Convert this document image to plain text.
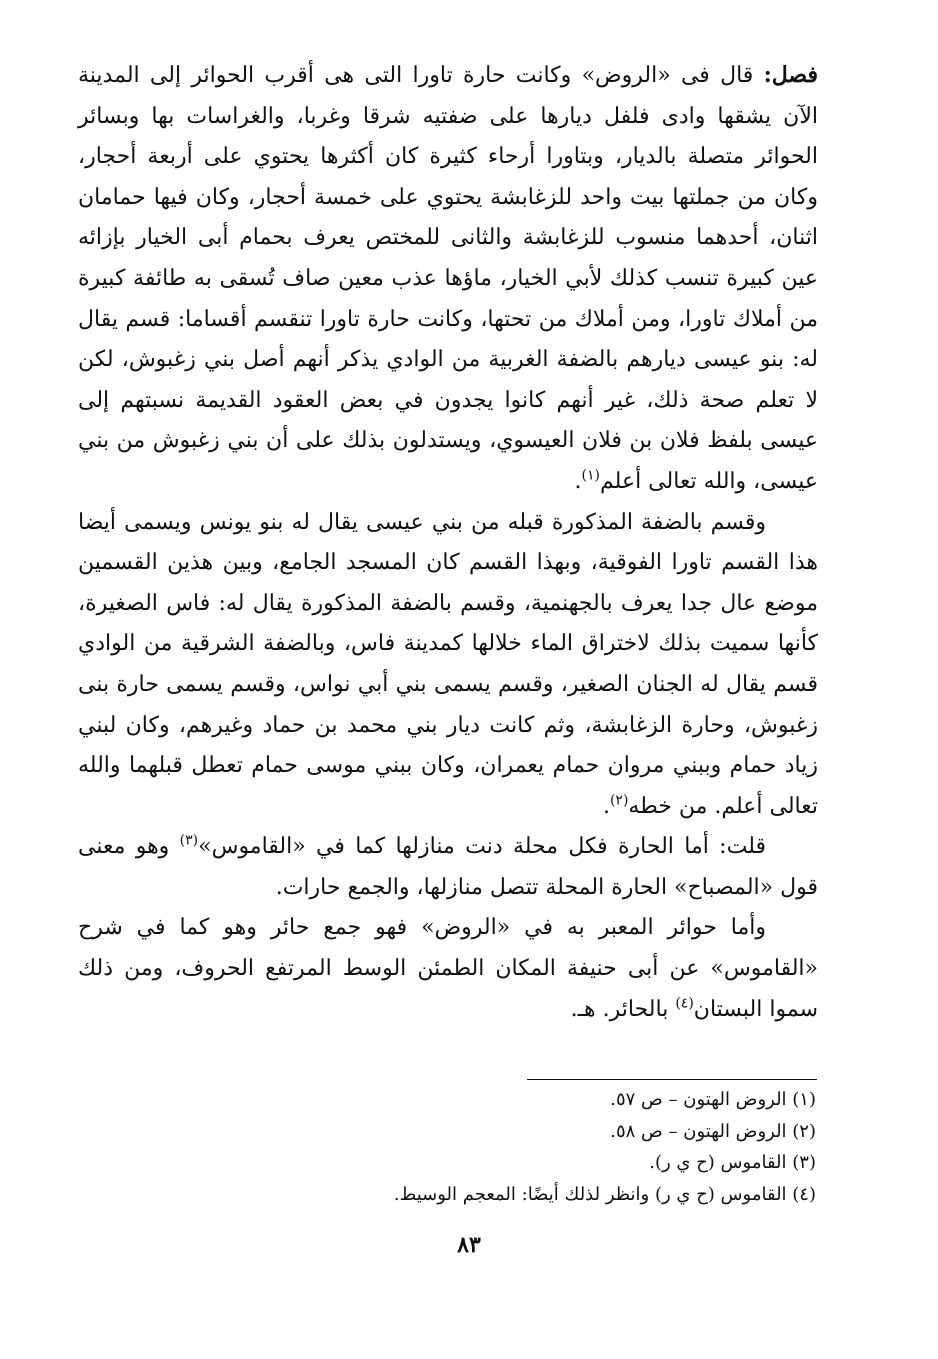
فصل: قال فى «الروض» وكانت حارة تاورا التى هى أقرب الحوائر إلى المدينة الآن يشقها وادى فلفل ديارها على ضفتيه شرقا وغربا، والغراسات بها وبسائر الحوائر متصلة بالديار، وبتاورا أرحاء كثيرة كان أكثرها يحتوي على أربعة أحجار، وكان من جملتها بيت واحد للزغابشة يحتوي على خمسة أحجار، وكان فيها حمامان اثنان، أحدهما منسوب للزغابشة والثانى للمختص يعرف بحمام أبى الخيار بإزائه عين كبيرة تنسب كذلك لأبي الخيار، ماؤها عذب معين صاف تُسقى به طائفة كبيرة من أملاك تاورا، ومن أملاك من تحتها، وكانت حارة تاورا تنقسم أقساما: قسم يقال له: بنو عيسى ديارهم بالضفة الغربية من الوادي يذكر أنهم أصل بني زغبوش، لكن لا تعلم صحة ذلك، غير أنهم كانوا يجدون في بعض العقود القديمة نسبتهم إلى عيسى بلفظ فلان بن فلان العيسوي، ويستدلون بذلك على أن بني زغبوش من بني عيسى، والله تعالى أعلم$^{(١)}$.

وقسم بالضفة المذكورة قبله من بني عيسى يقال له بنو يونس ويسمى أيضا هذا القسم تاورا الفوقية، وبهذا القسم كان المسجد الجامع، وبين هذين القسمين موضع عال جدا يعرف بالجهنمية، وقسم بالضفة المذكورة يقال له: فاس الصغيرة، كأنها سميت بذلك لاختراق الماء خلالها كمدينة فاس، وبالضفة الشرقية من الوادي قسم يقال له الجنان الصغير، وقسم يسمى بني أبي نواس، وقسم يسمى حارة بنى زغبوش، وحارة الزغابشة، وثم كانت ديار بني محمد بن حماد وغيرهم، وكان لبني زياد حمام وببني مروان حمام يعمران، وكان ببني موسى حمام تعطل قبلهما والله تعالى أعلم. من خطه$^{(٢)}$.

قلت: أما الحارة فكل محلة دنت منازلها كما في «القاموس»$^{(٣)}$ وهو معنى قول «المصباح» الحارة المحلة تتصل منازلها، والجمع حارات.

وأما حوائر المعبر به في «الروض» فهو جمع حائر وهو كما في شرح «القاموس» عن أبى حنيفة المكان الطمئن الوسط المرتفع الحروف، ومن ذلك سموا البستان$^{(٤)}$ بالحائر. هـ.

(١) الروض الهتون – ص ٥٧.
(٢) الروض الهتون – ص ٥٨.
(٣) القاموس (ح ي ر).
(٤) القاموس (ح ي ر) وانظر لذلك أيضًا: المعجم الوسيط.
٨٣
